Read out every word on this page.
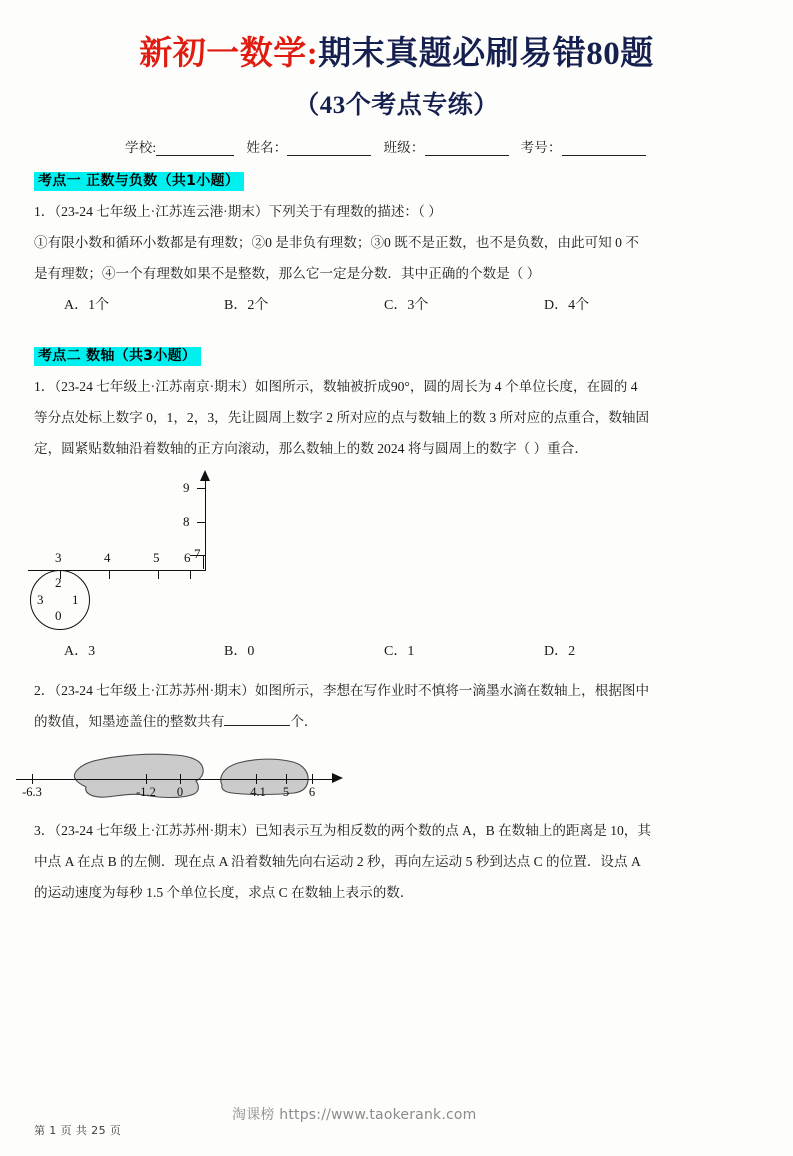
新初一数学:期末真题必刷易错80题
（43个考点专练）
学校:	姓名：	班级：	考号：
考点一 正数与负数（共1小题）
1．（23-24 七年级上·江苏连云港·期末）下列关于有理数的描述：（ ）
①有限小数和循环小数都是有理数；②0 是非负有理数；③0 既不是正数，也不是负数，由此可知 0 不
是有理数；④一个有理数如果不是整数，那么它一定是分数．其中正确的个数是（ ）
A．1个	B．2个	C．3个	D．4个
考点二 数轴（共3小题）
1．（23-24 七年级上·江苏南京·期末）如图所示，数轴被折成90°，圆的周长为 4 个单位长度，在圆的 4
等分点处标上数字 0，1，2，3，先让圆周上数字 2 所对应的点与数轴上的数 3 所对应的点重合，数轴固
定，圆紧贴数轴沿着数轴的正方向滚动，那么数轴上的数 2024 将与圆周上的数字（ ）重合．
3	4	5 6 7
8
9
2
1
0
3
A．3	B．0	C．1	D．2
2．（23-24 七年级上·江苏苏州·期末）如图所示，李想在写作业时不慎将一滴墨水滴在数轴上，根据图中
的数值，知墨迹盖住的整数共有	个．
-6.3	-1.2 0	4.1 5 6
3．（23-24 七年级上·江苏苏州·期末）已知表示互为相反数的两个数的点 A，B 在数轴上的距离是 10，其
中点 A 在点 B 的左侧．现在点 A 沿着数轴先向右运动 2 秒，再向左运动 5 秒到达点 C 的位置．设点 A
的运动速度为每秒 1.5 个单位长度，求点 C 在数轴上表示的数．
淘课榜 https://www.taokerank.com
第 1 页 共 25 页
